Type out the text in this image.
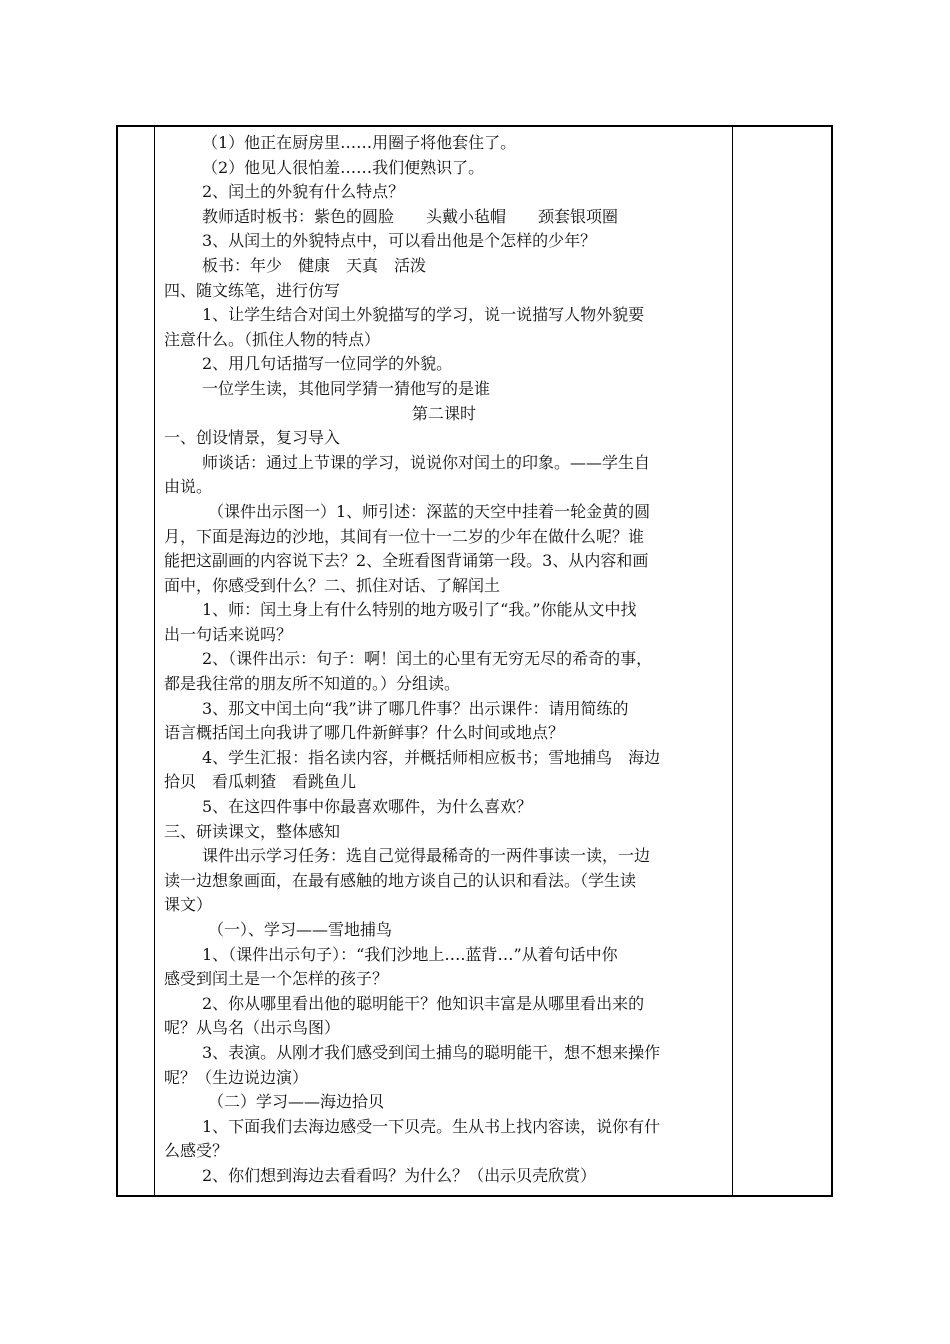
（1）他正在厨房里……用圈子将他套住了。
（2）他见人很怕羞……我们便熟识了。
2、闰土的外貌有什么特点？
教师适时板书：紫色的圆脸　　头戴小毡帽　　颈套银项圈
3、从闰土的外貌特点中，可以看出他是个怎样的少年？
板书：年少　健康　天真　活泼
四、随文练笔，进行仿写
1、让学生结合对闰土外貌描写的学习，说一说描写人物外貌要
注意什么。（抓住人物的特点）
2、用几句话描写一位同学的外貌。
一位学生读，其他同学猜一猜他写的是谁
第二课时
一、创设情景，复习导入
师谈话：通过上节课的学习，说说你对闰土的印象。——学生自
由说。
（课件出示图一）1、师引述：深蓝的天空中挂着一轮金黄的圆
月，下面是海边的沙地，其间有一位十一二岁的少年在做什么呢？谁
能把这副画的内容说下去？2、全班看图背诵第一段。3、从内容和画
面中，你感受到什么？二、抓住对话、了解闰土
1、师：闰土身上有什么特别的地方吸引了“我。”你能从文中找
出一句话来说吗？
2、（课件出示：句子：啊！闰土的心里有无穷无尽的希奇的事，
都是我往常的朋友所不知道的。）分组读。
3、那文中闰土向“我”讲了哪几件事？出示课件：请用简练的
语言概括闰土向我讲了哪几件新鲜事？什么时间或地点？
4、学生汇报：指名读内容，并概括师相应板书；雪地捕鸟　海边
拾贝　看瓜刺猹　看跳鱼儿
5、在这四件事中你最喜欢哪件，为什么喜欢？
三、研读课文，整体感知
课件出示学习任务：选自己觉得最稀奇的一两件事读一读，一边
读一边想象画面，在最有感触的地方谈自己的认识和看法。（学生读
课文）
（一）、学习——雪地捕鸟
1、（课件出示句子）：“我们沙地上….蓝背…”从着句话中你
感受到闰土是一个怎样的孩子？
2、你从哪里看出他的聪明能干？他知识丰富是从哪里看出来的
呢？从鸟名（出示鸟图）
3、表演。从刚才我们感受到闰土捕鸟的聪明能干，想不想来操作
呢？（生边说边演）
（二）学习——海边拾贝
1、下面我们去海边感受一下贝壳。生从书上找内容读，说你有什
么感受？
2、你们想到海边去看看吗？为什么？（出示贝壳欣赏）
